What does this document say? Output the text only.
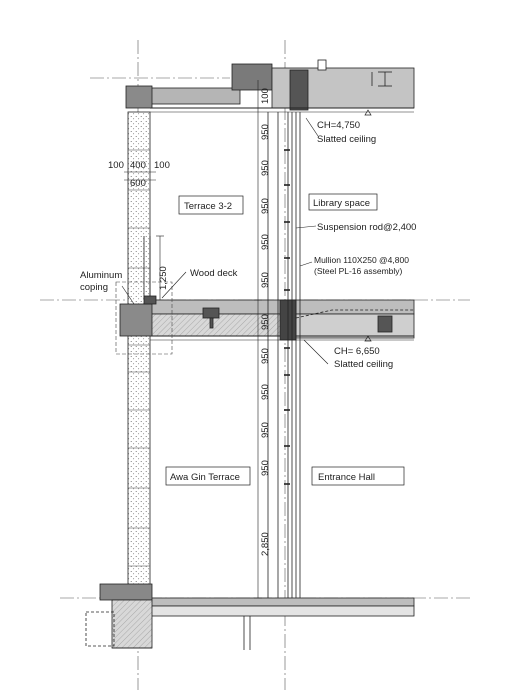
100 400 100
600
100
950
950
950
950
950
950
950
950
950
950
2,850
1,250
CH=4,750
Slatted ceiling
Terrace 3-2	Library space
Suspension rod@2,400
Mullion 110X250 @4,800
(Steel PL-16 assembly)
Aluminum
coping
Wood deck
CH= 6,650
Slatted ceiling
Awa Gin Terrace	Entrance Hall
